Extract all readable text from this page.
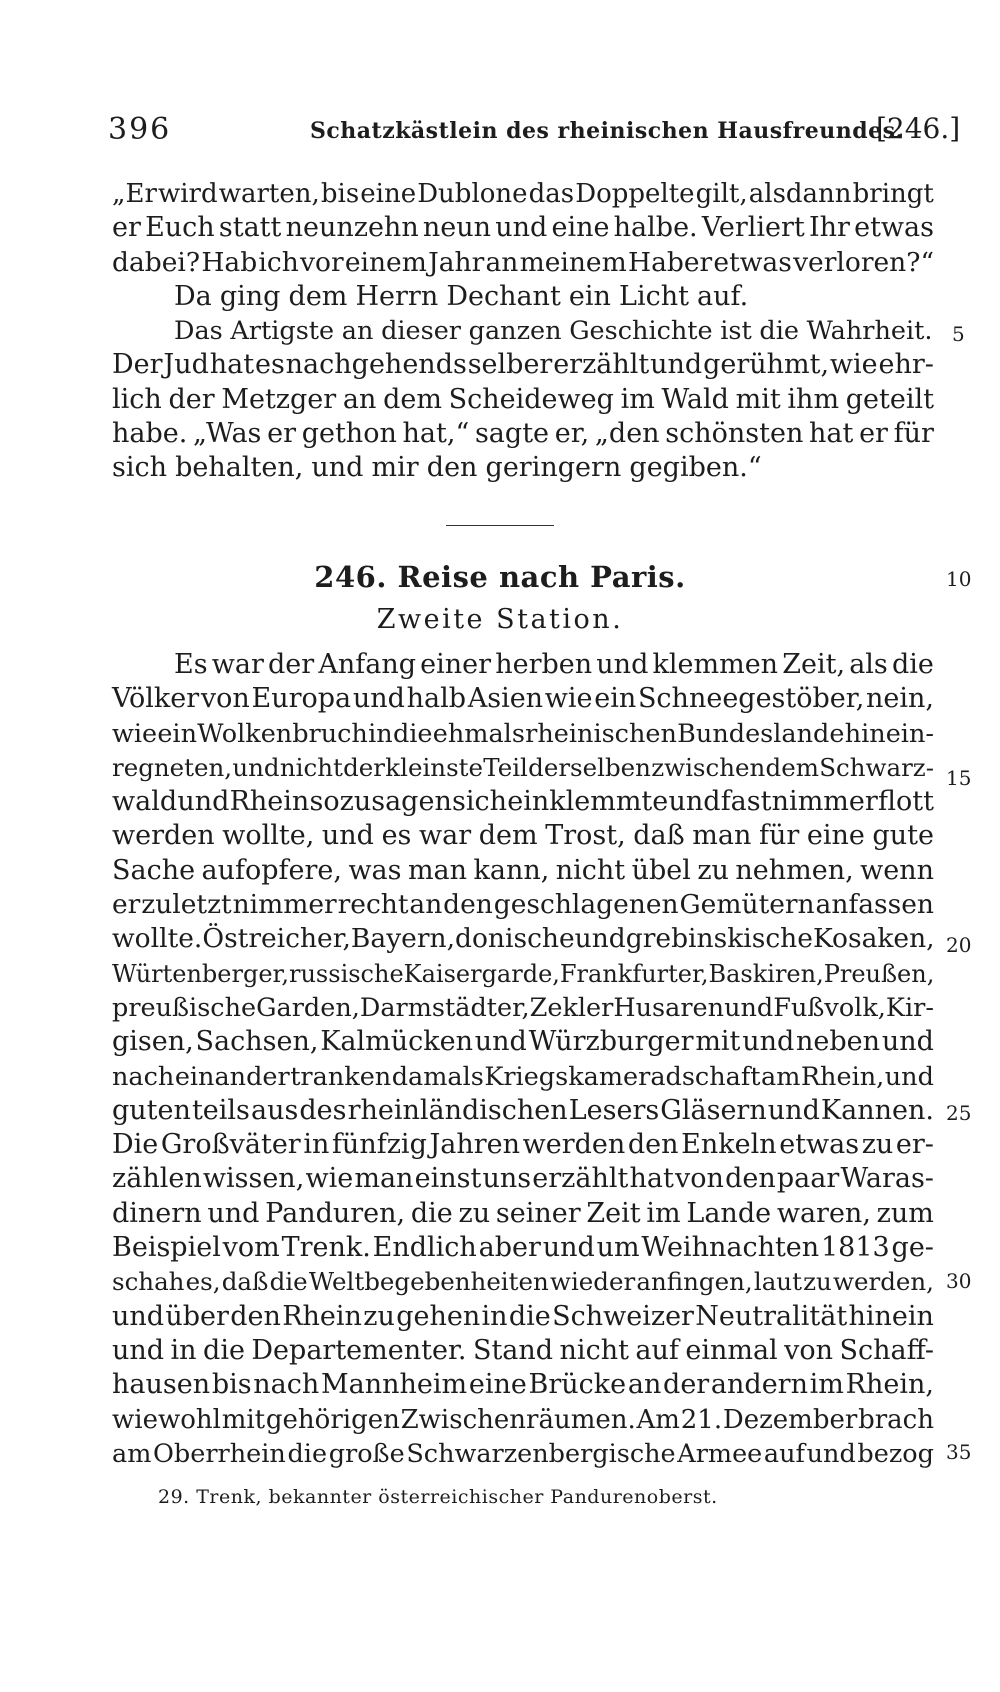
396	Schatzkästlein des rheinischen Hausfreundes.
[246.]
„Er wird warten, bis eine Dublone das Doppelte gilt, alsdann bringt
er Euch statt neunzehn neun und eine halbe. Verliert Ihr etwas
dabei? Hab ich vor einem Jahr an meinem Haber etwas verloren?“
Da ging dem Herrn Dechant ein Licht auf.
Das Artigste an dieser ganzen Geschichte ist die Wahrheit.
Der Jud hat es nachgehends selber erzählt und gerühmt, wie ehr-
lich der Metzger an dem Scheideweg im Wald mit ihm geteilt
habe. „Was er gethon hat,“ sagte er, „den schönsten hat er für
sich behalten, und mir den geringern gegiben.“
246. Reise nach Paris.
Zweite Station.
Es war der Anfang einer herben und klemmen Zeit, als die
Völker von Europa und halb Asien wie ein Schneegestöber, nein,
wie ein Wolkenbruch in die ehmals rheinischen Bundeslande hinein-
regneten, und nicht der kleinste Teil derselben zwischen dem Schwarz-
wald und Rhein sozusagen sich einklemmte und fast nimmer flott
werden wollte, und es war dem Trost, daß man für eine gute
Sache aufopfere, was man kann, nicht übel zu nehmen, wenn
er zuletzt nimmer recht an den geschlagenen Gemütern anfassen
wollte. Östreicher, Bayern, donische und grebinskische Kosaken,
Würtenberger, russische Kaisergarde, Frankfurter, Baskiren, Preußen,
preußische Garden, Darmstädter, Zekler Husaren und Fußvolk, Kir-
gisen, Sachsen, Kalmücken und Würzburger mit und neben und
nach einander tranken damals Kriegskameradschaft am Rhein, und
guten teils aus des rheinländischen Lesers Gläsern und Kannen.
Die Großväter in fünfzig Jahren werden den Enkeln etwas zu er-
zählen wissen, wie man einst uns erzählt hat von den paar Waras-
dinern und Panduren, die zu seiner Zeit im Lande waren, zum
Beispiel vom Trenk. Endlich aber und um Weihnachten 1813 ge-
schah es, daß die Weltbegebenheiten wieder anfingen, laut zu werden,
und über den Rhein zu gehen in die Schweizer Neutralität hinein
und in die Departementer. Stand nicht auf einmal von Schaff-
hausen bis nach Mannheim eine Brücke an der andern im Rhein,
wiewohl mit gehörigen Zwischenräumen. Am 21. Dezember brach
am Oberrhein die große Schwarzenbergische Armee auf und bezog
5
10
15
20
25
30
35
29. Trenk, bekannter österreichischer Pandurenoberst.
